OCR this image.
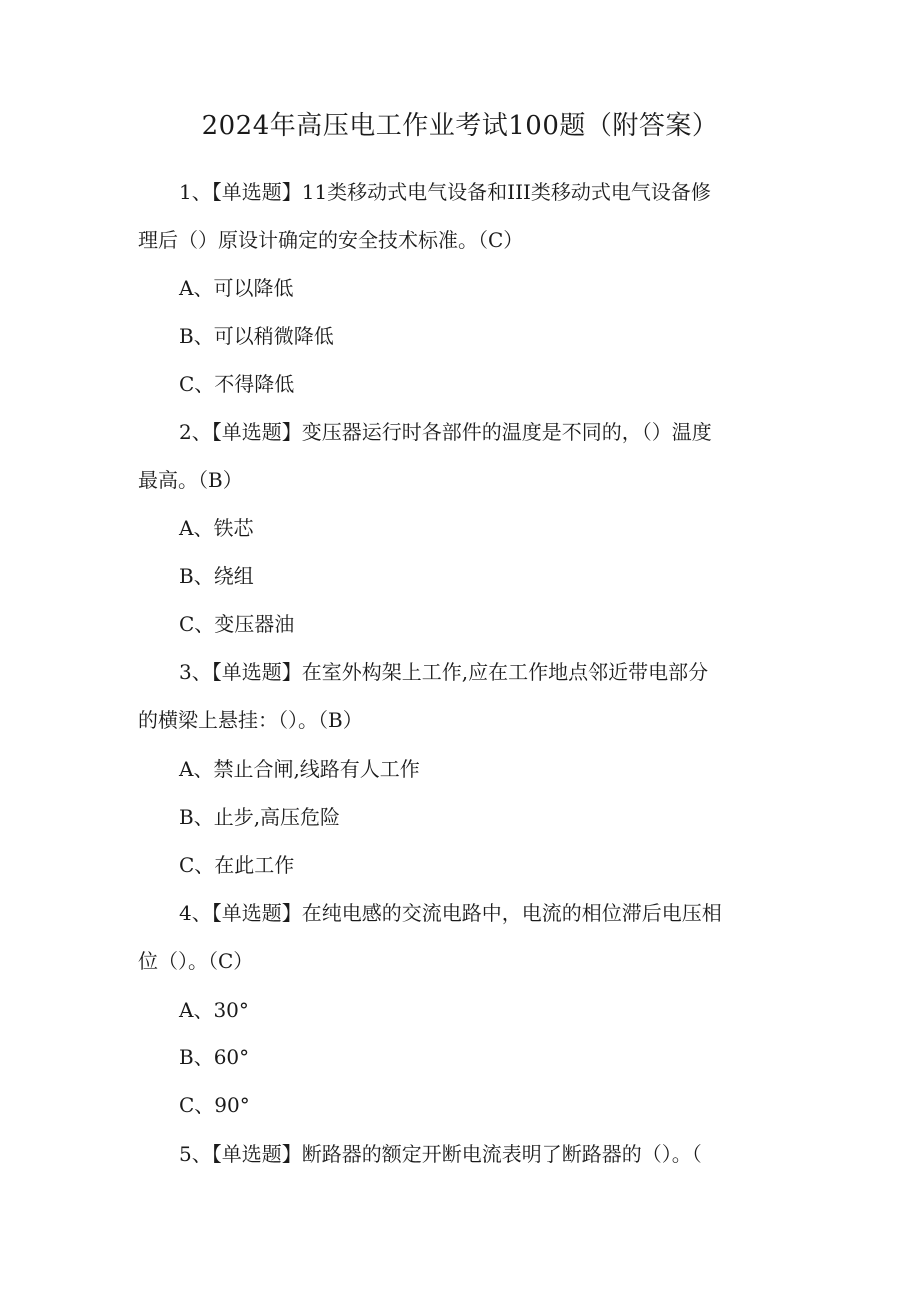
2024年高压电工作业考试100题（附答案）
1、【单选题】11类移动式电气设备和III类移动式电气设备修
理后（）原设计确定的安全技术标准。（C）
A、可以降低
B、可以稍微降低
C、不得降低
2、【单选题】变压器运行时各部件的温度是不同的，（）温度
最高。（B）
A、铁芯
B、绕组
C、变压器油
3、【单选题】在室外构架上工作,应在工作地点邻近带电部分
的横梁上悬挂：（）。（B）
A、禁止合闸,线路有人工作
B、止步,高压危险
C、在此工作
4、【单选题】在纯电感的交流电路中，电流的相位滞后电压相
位（）。（C）
A、30°
B、60°
C、90°
5、【单选题】断路器的额定开断电流表明了断路器的（）。（
